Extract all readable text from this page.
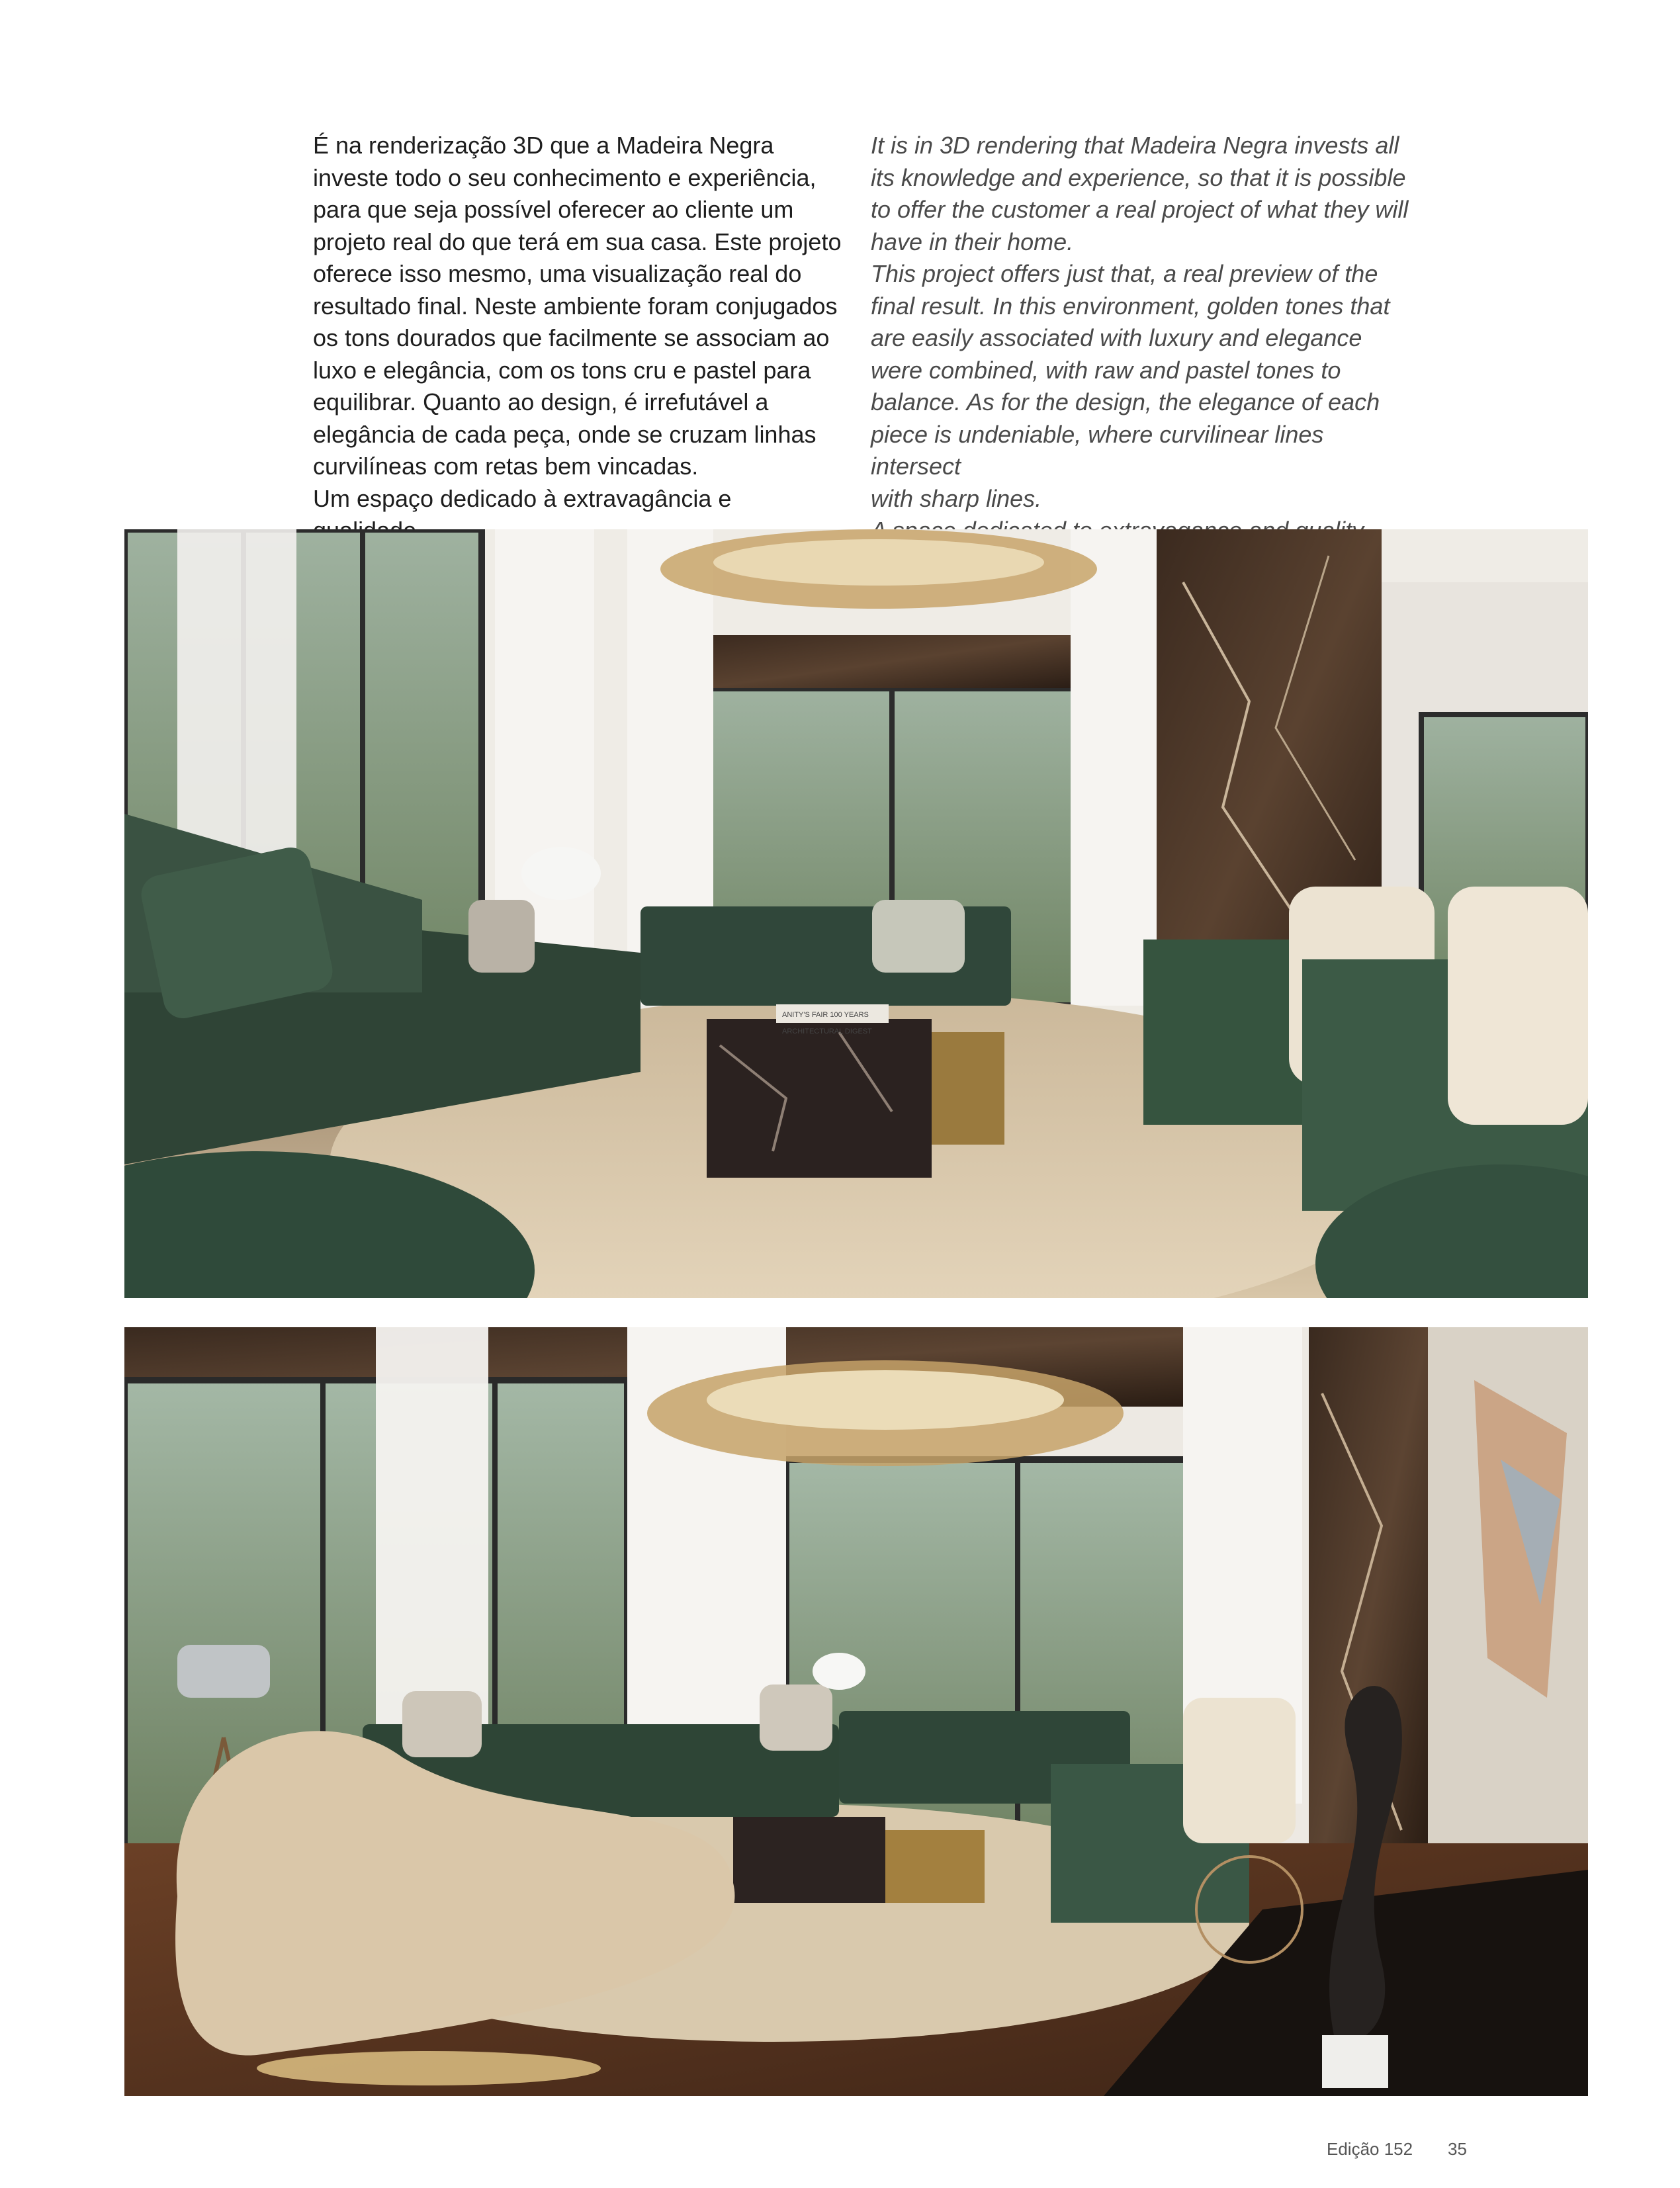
É na renderização 3D que a Madeira Negra

investe todo o seu conhecimento e experiência,

para que seja possível oferecer ao cliente um

projeto real do que terá em sua casa. Este projeto

oferece isso mesmo, uma visualização real do

resultado final. Neste ambiente foram conjugados

os tons dourados que facilmente se associam ao

luxo e elegância, com os tons cru e pastel para

equilibrar. Quanto ao design, é irrefutável a

elegância de cada peça, onde se cruzam linhas

curvilíneas com retas bem vincadas.

Um espaço dedicado à extravagância e

It is in 3D rendering that Madeira Negra invests all

its knowledge and experience, so that it is possible

to offer the customer a real project of what they will

have in their home.

This project offers just that, a real preview of the

final result. In this environment, golden tones that

are easily associated with luxury and elegance

were combined, with raw and pastel tones to

balance. As for the design, the elegance of each

piece is undeniable, where curvilinear lines intersect

with sharp lines.

ANITY'S FAIR 100 YEARS
ARCHITECTURAL DIGEST
Edição 152 35
